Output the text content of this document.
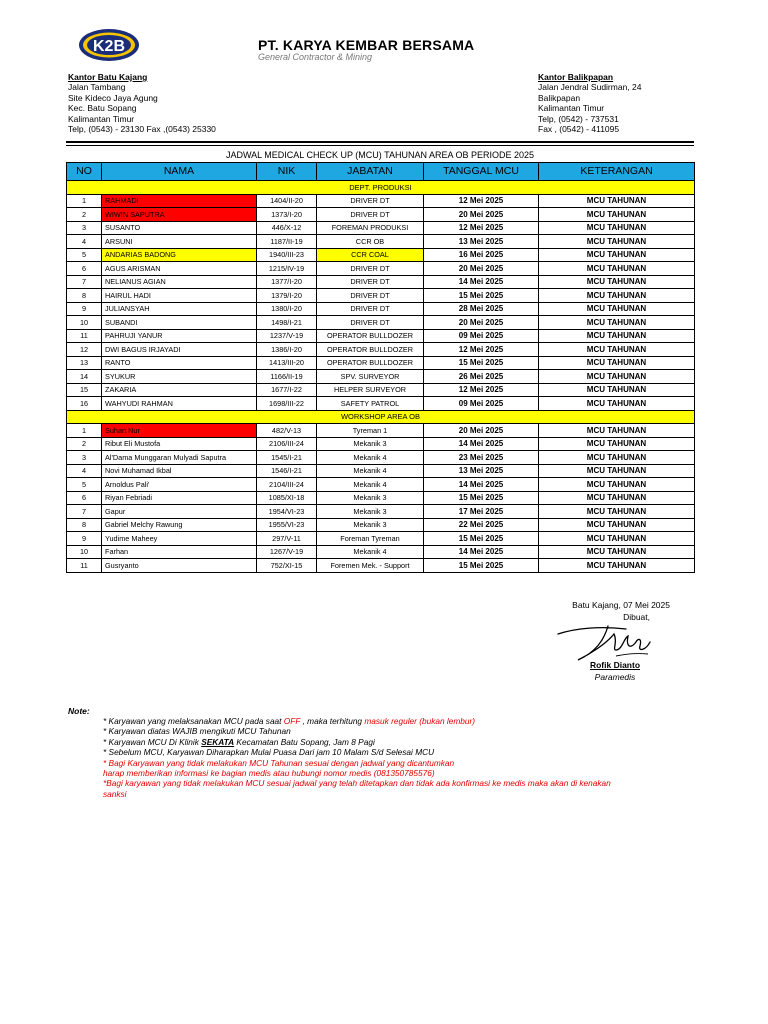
K2B	PT. KARYA KEMBAR BERSAMA
General Contractor & Mining
Kantor Batu Kajang
Jalan Tambang
Site Kideco Jaya Agung
Kec. Batu Sopang
Kalimantan Timur
Telp, (0543) - 23130 Fax ,(0543) 25330
Kantor Balikpapan
Jalan Jendral Sudirman, 24
Balikpapan
Kalimantan Timur
Telp, (0542) - 737531
Fax , (0542) - 411095
JADWAL MEDICAL CHECK UP (MCU) TAHUNAN AREA OB PERIODE 2025
NO	NAMA	NIK	JABATAN	TANGGAL MCU	KETERANGAN
DEPT. PRODUKSI					
1	RAHMADI	1404/II-20	DRIVER DT	12 Mei 2025	MCU TAHUNAN
2	WIWIN SAPUTRA	1373/I-20	DRIVER DT	20 Mei 2025	MCU TAHUNAN
3	SUSANTO	446/X-12	FOREMAN PRODUKSI	12 Mei 2025	MCU TAHUNAN
4	ARSUNI	1187/II-19	CCR OB	13 Mei 2025	MCU TAHUNAN
5	ANDARIAS BADONG	1940/III-23	CCR COAL	16 Mei 2025	MCU TAHUNAN
6	AGUS ARISMAN	1215/IV-19	DRIVER DT	20 Mei 2025	MCU TAHUNAN
7	NELIANUS AGIAN	1377/I-20	DRIVER DT	14 Mei 2025	MCU TAHUNAN
8	HAIRUL HADI	1379/I-20	DRIVER DT	15 Mei 2025	MCU TAHUNAN
9	JULIANSYAH	1380/I-20	DRIVER DT	28 Mei 2025	MCU TAHUNAN
10	SUBANDI	1498/I-21	DRIVER DT	20 Mei 2025	MCU TAHUNAN
11	PAHRUJI YANUR	1237/V-19	OPERATOR BULLDOZER	09 Mei 2025	MCU TAHUNAN
12	DWI BAGUS IRJAYADI	1386/I-20	OPERATOR BULLDOZER	12 Mei 2025	MCU TAHUNAN
13	RANTO	1413/III-20	OPERATOR BULLDOZER	15 Mei 2025	MCU TAHUNAN
14	SYUKUR	1166/II-19	SPV. SURVEYOR	26 Mei 2025	MCU TAHUNAN
15	ZAKARIA	1677/I-22	HELPER SURVEYOR	12 Mei 2025	MCU TAHUNAN
16	WAHYUDI RAHMAN	1698/III-22	SAFETY PATROL	09 Mei 2025	MCU TAHUNAN
WORKSHOP AREA OB					
1	Suhan Nur	482/V-13	Tyreman 1	20 Mei 2025	MCU TAHUNAN
2	Ribut Eli Mustofa	2106/III-24	Mekanik 3	14 Mei 2025	MCU TAHUNAN
3	Al'Dama Munggaran Mulyadi Saputra	1545/I-21	Mekanik 4	23 Mei 2025	MCU TAHUNAN
4	Novi Muhamad Ikbal	1546/I-21	Mekanik 4	13 Mei 2025	MCU TAHUNAN
5	Arnoldus Pali'	2104/III-24	Mekanik 4	14 Mei 2025	MCU TAHUNAN
6	Riyan Febriadi	1085/XI-18	Mekanik 3	15 Mei 2025	MCU TAHUNAN
7	Gapur	1954/VI-23	Mekanik 3	17 Mei 2025	MCU TAHUNAN
8	Gabriel Melchy Rawung	1955/VI-23	Mekanik 3	22 Mei 2025	MCU TAHUNAN
9	Yudime Maheey	297/V-11	Foreman Tyreman	15 Mei 2025	MCU TAHUNAN
10	Farhan	1267/V-19	Mekanik 4	14 Mei 2025	MCU TAHUNAN
11	Gusryanto	752/XI-15	Foremen Mek. - Support	15 Mei 2025	MCU TAHUNAN
Batu Kajang, 07 Mei 2025
Dibuat,
Rofik Dianto
Paramedis
Note:
* Karyawan yang melaksanakan MCU pada saat OFF , maka terhitung masuk reguler (bukan lembur)
* Karyawan diatas WAJIB mengikuti MCU Tahunan
* Karyawan MCU Di Klinik SEKATA Kecamatan Batu Sopang, Jam 8 Pagi
* Sebelum MCU, Karyawan Diharapkan Mulai Puasa Dari jam 10 Malam S/d Selesai MCU
* Bagi Karyawan yang tidak melakukan MCU Tahunan sesuai dengan jadwal yang dicantumkan
harap memberikan informasi ke bagian medis atau hubungi nomor medis (081350785576)
*Bagi karyawan yang tidak melakukan MCU sesuai jadwal yang telah ditetapkan dan tidak ada konfirmasi ke medis maka akan di kenakan
sanksi
